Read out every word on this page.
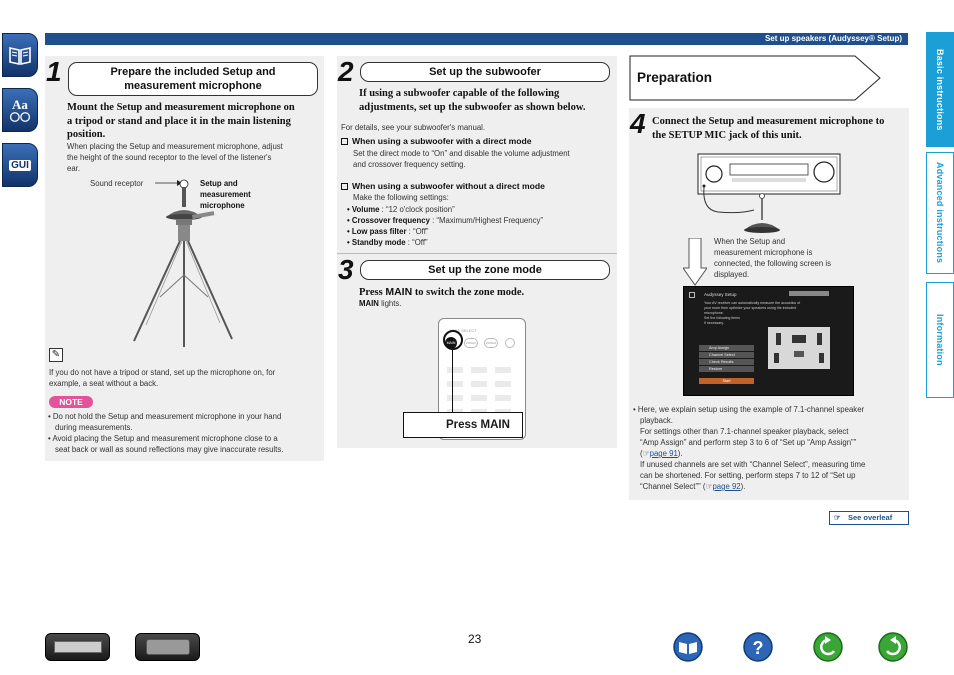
Set up speakers (Audyssey® Setup)
Aa
GUI
Basic instructions
Advanced instructions
Information
1	Prepare the included Setup and
measurement microphone
Mount the Setup and measurement microphone on
a tripod or stand and place it in the main listening
position.
When placing the Setup and measurement microphone, adjust
the height of the sound receptor to the level of the listener's
ear.
Sound receptor	Setup and
measurement
microphone
✎
If you do not have a tripod or stand, set up the microphone on, for
example, a seat without a back.
NOTE
• Do not hold the Setup and measurement microphone in your hand
during measurements.
• Avoid placing the Setup and measurement microphone close to a
seat back or wall as sound reflections may give inaccurate results.
2	Set up the subwoofer
If using a subwoofer capable of the following
adjustments, set up the subwoofer as shown below.
For details, see your subwoofer's manual.
When using a subwoofer with a direct mode
Set the direct mode to “On” and disable the volume adjustment
and crossover frequency setting.
When using a subwoofer without a direct mode
Make the following settings:
• Volume : “12 o'clock position”
• Crossover frequency : “Maximum/Highest Frequency”
• Low pass filter : “Off”
• Standby mode : “Off”
3	Set up the zone mode
Press MAIN to switch the zone mode.
MAIN lights.
ZONE SELECT
MAIN	ZONE2	ZONE3
Press MAIN
Preparation
4 Connect the Setup and measurement microphone to
the SETUP MIC jack of this unit.
When the Setup and
measurement microphone is
connected, the following screen is
displayed.
Audyssey Setup
Your AV receiver can automatically measure the acoustics of
your room then optimize your speakers using the included
microphone.
Set the following items
if necessary.
Amp Assign
Channel Select
Check Results
Restore
Start
• Here, we explain setup using the example of 7.1-channel speaker
playback.
For settings other than 7.1-channel speaker playback, select
“Amp Assign” and perform step 3 to 6 of “Set up “Amp Assign””
(☞page 91).
If unused channels are set with “Channel Select”, measuring time
can be shortened. For setting, perform steps 7 to 12 of “Set up
“Channel Select”” (☞page 92).
☞ See overleaf
23	?
